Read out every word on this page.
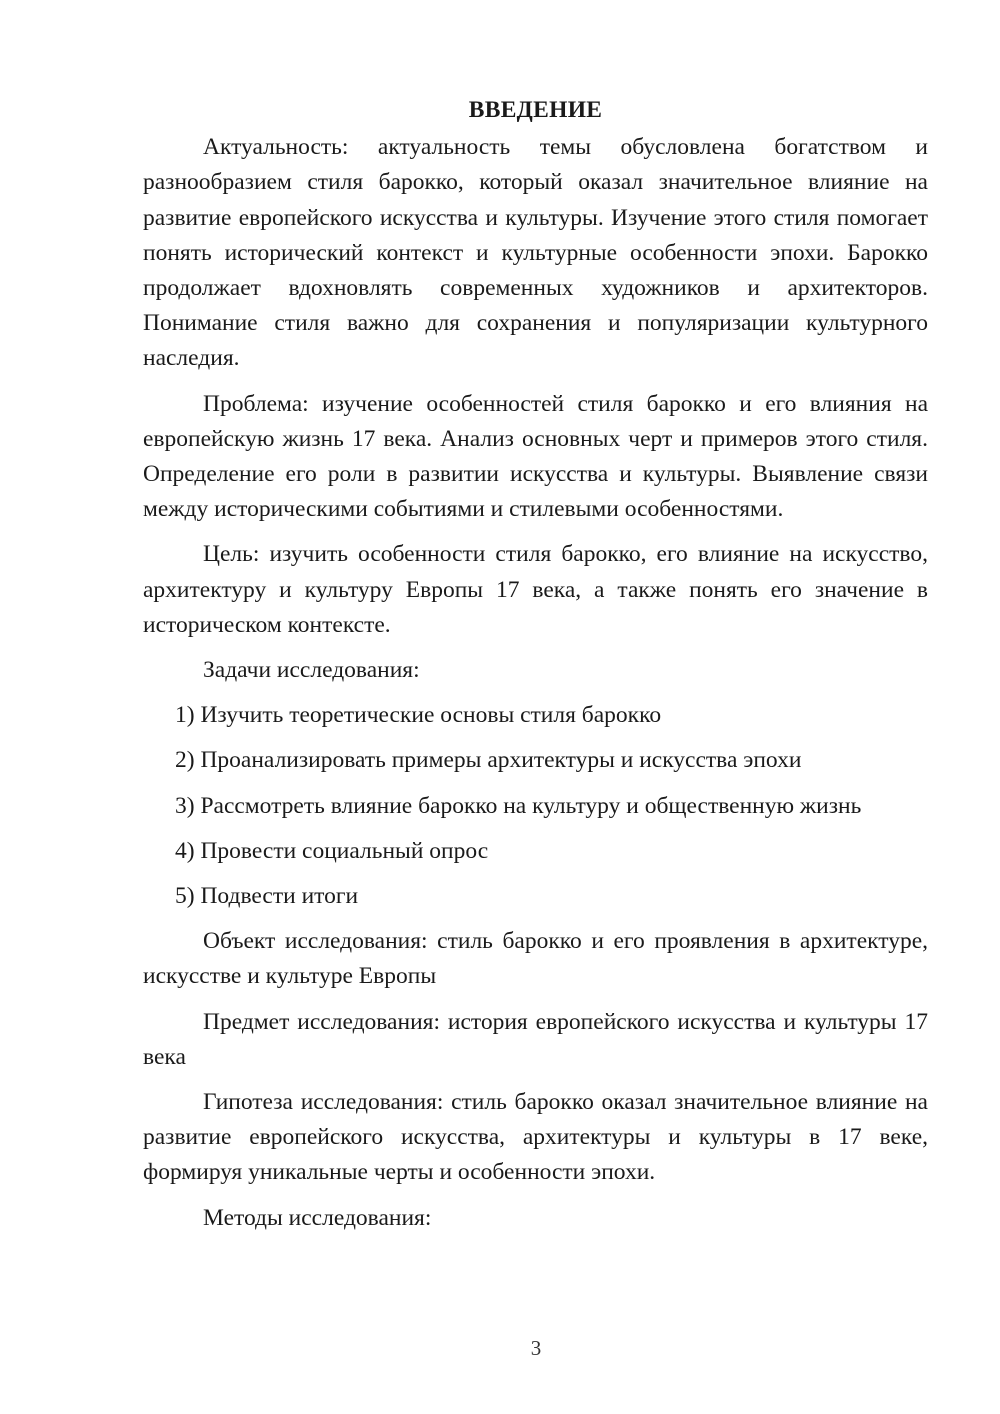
ВВЕДЕНИЕ

Актуальность: актуальность темы обусловлена богатством и разнообразием стиля барокко, который оказал значительное влияние на развитие европейского искусства и культуры. Изучение этого стиля помогает понять исторический контекст и культурные особенности эпохи. Барокко продолжает вдохновлять современных художников и архитекторов. Понимание стиля важно для сохранения и популяризации культурного наследия.

Проблема: изучение особенностей стиля барокко и его влияния на европейскую жизнь 17 века. Анализ основных черт и примеров этого стиля. Определение его роли в развитии искусства и культуры. Выявление связи между историческими событиями и стилевыми особенностями.

Цель: изучить особенности стиля барокко, его влияние на искусство, архитектуру и культуру Европы 17 века, а также понять его значение в историческом контексте.

Задачи исследования:

1) Изучить теоретические основы стиля барокко
2) Проанализировать примеры архитектуры и искусства эпохи
3) Рассмотреть влияние барокко на культуру и общественную жизнь
4) Провести социальный опрос
5) Подвести итоги

Объект исследования: стиль барокко и его проявления в архитектуре, искусстве и культуре Европы

Предмет исследования: история европейского искусства и культуры 17 века

Гипотеза исследования: стиль барокко оказал значительное влияние на развитие европейского искусства, архитектуры и культуры в 17 веке, формируя уникальные черты и особенности эпохи.

Методы исследования:

3
